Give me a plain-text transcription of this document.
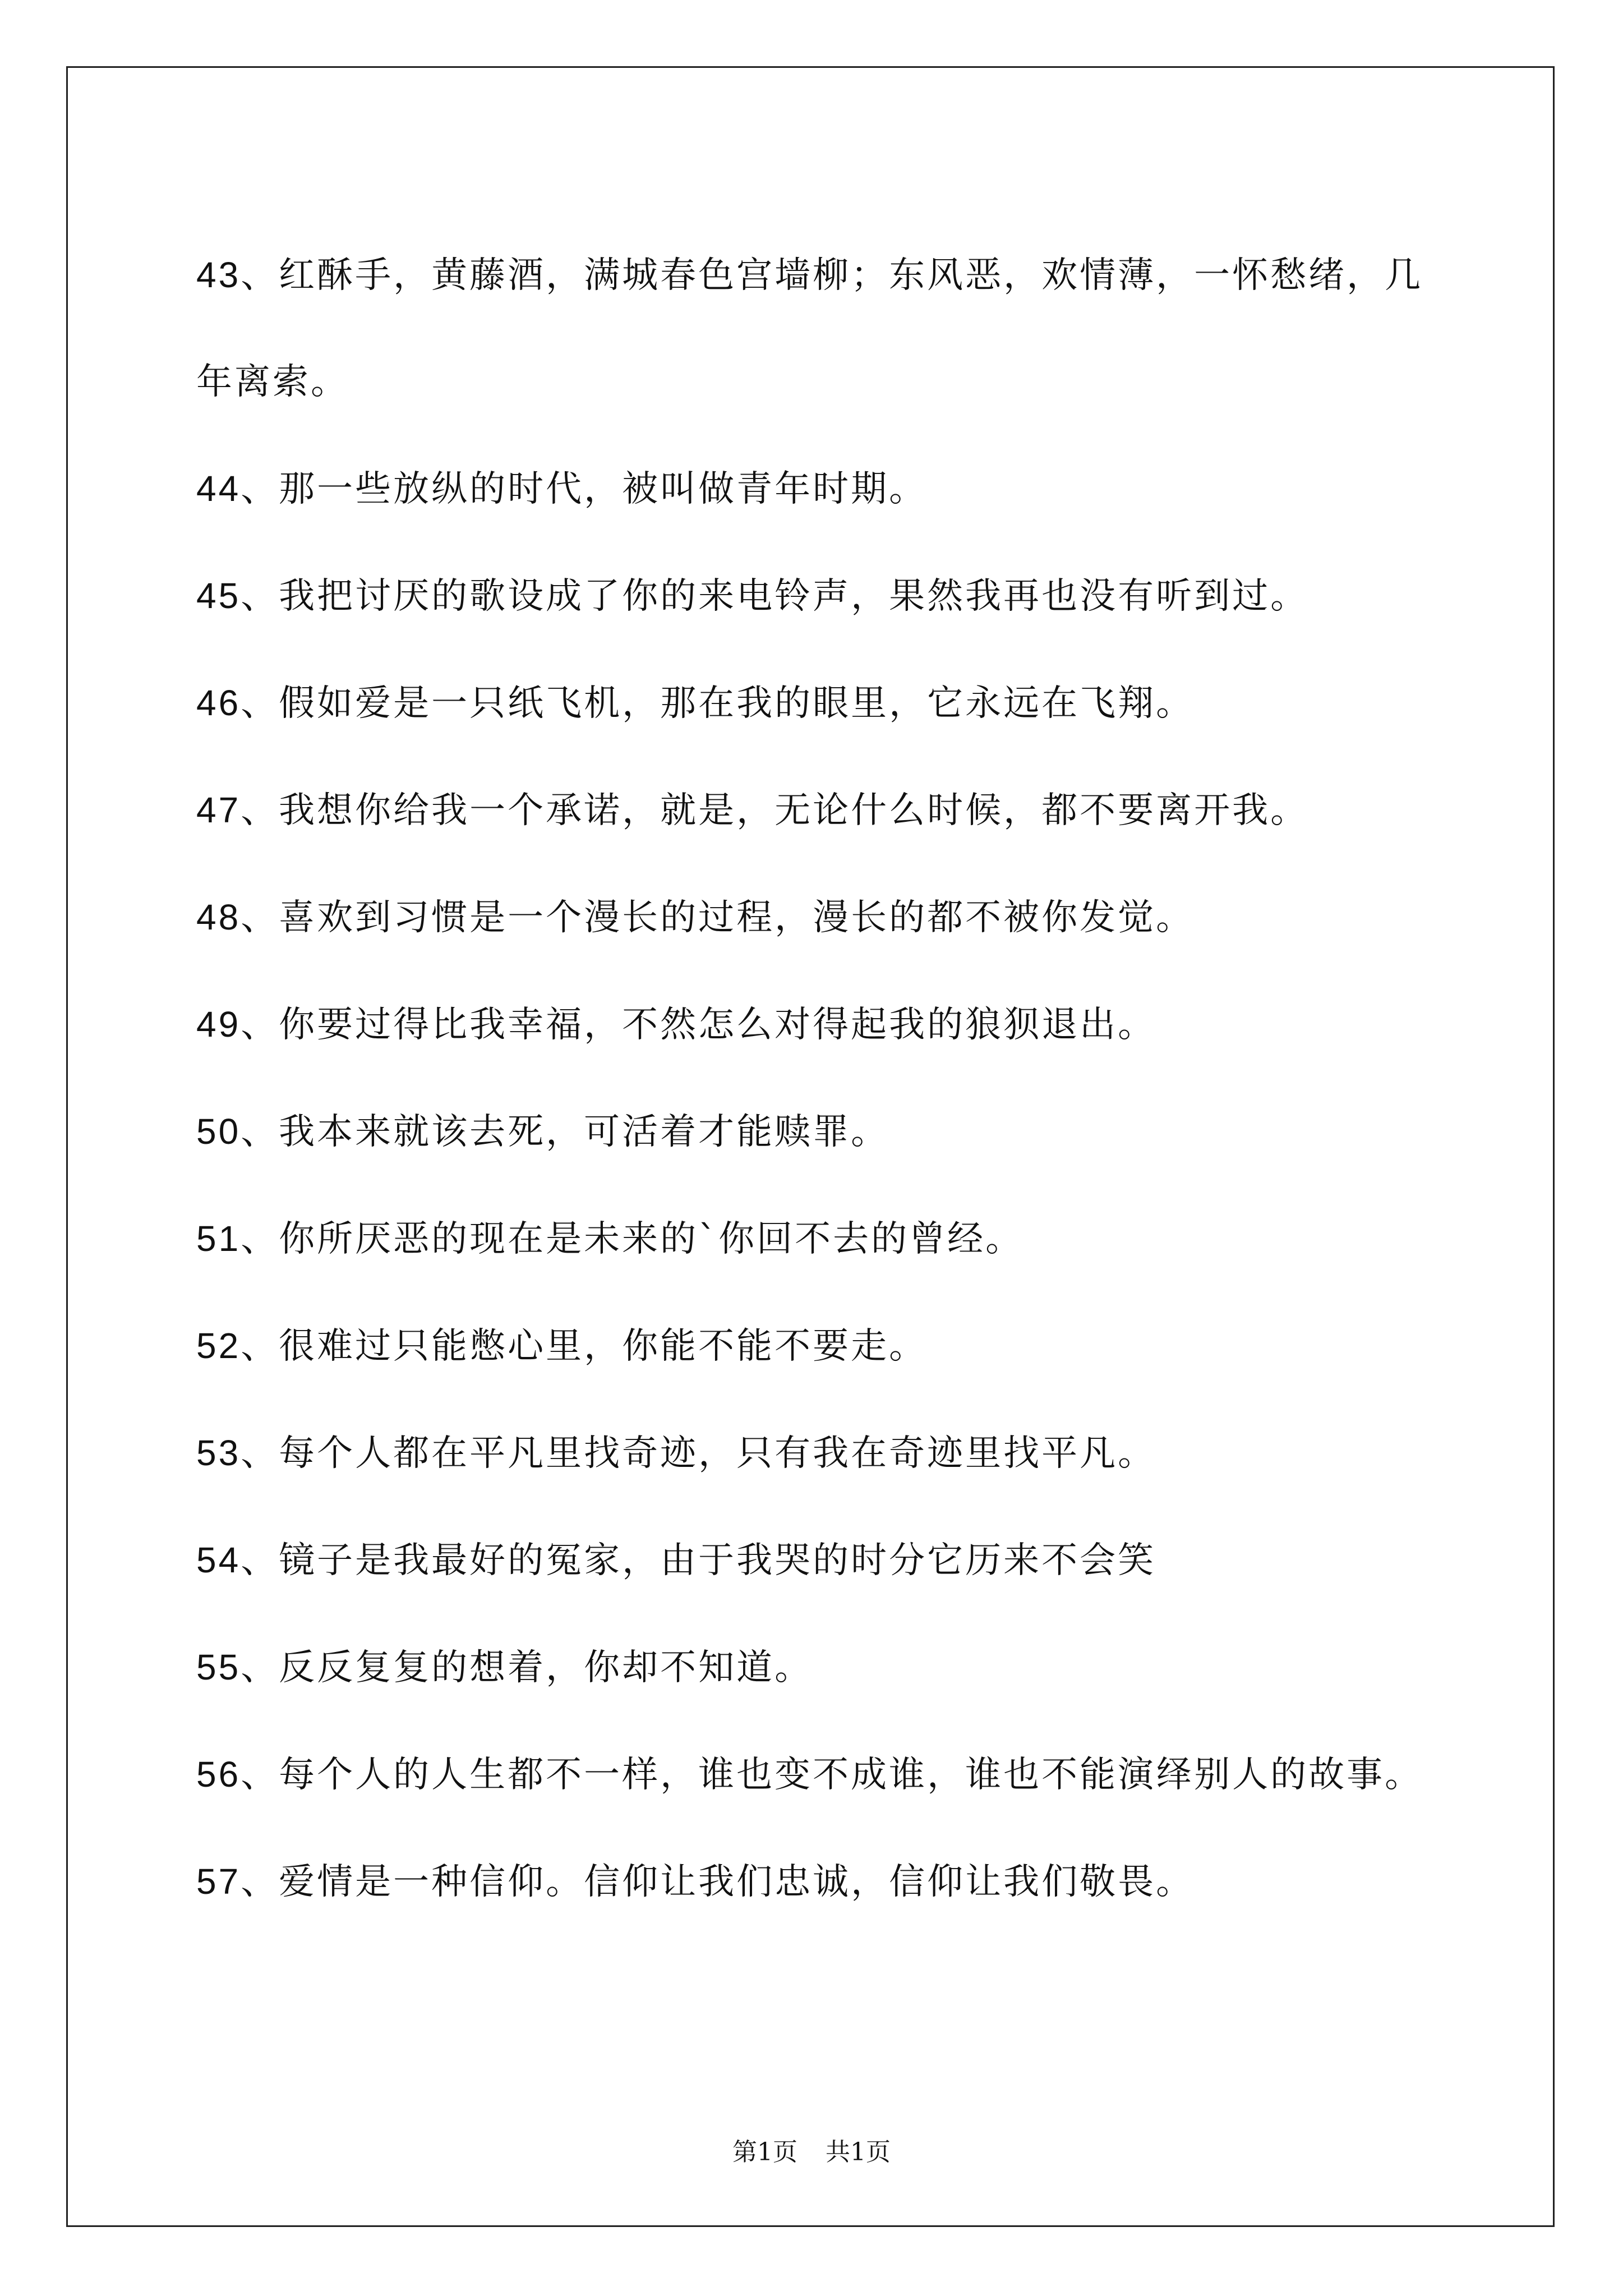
43、红酥手，黄藤酒，满城春色宫墙柳；东风恶，欢情薄，一怀愁绪，几年离索。
44、那一些放纵的时代，被叫做青年时期。
45、我把讨厌的歌设成了你的来电铃声，果然我再也没有听到过。
46、假如爱是一只纸飞机，那在我的眼里，它永远在飞翔。
47、我想你给我一个承诺，就是，无论什么时候，都不要离开我。
48、喜欢到习惯是一个漫长的过程，漫长的都不被你发觉。
49、你要过得比我幸福，不然怎么对得起我的狼狈退出。
50、我本来就该去死，可活着才能赎罪。
51、你所厌恶的现在是未来的`你回不去的曾经。
52、很难过只能憋心里，你能不能不要走。
53、每个人都在平凡里找奇迹，只有我在奇迹里找平凡。
54、镜子是我最好的冤家，由于我哭的时分它历来不会笑
55、反反复复的想着，你却不知道。
56、每个人的人生都不一样，谁也变不成谁，谁也不能演绎别人的故事。
57、爱情是一种信仰。信仰让我们忠诚，信仰让我们敬畏。
第1页 共1页
